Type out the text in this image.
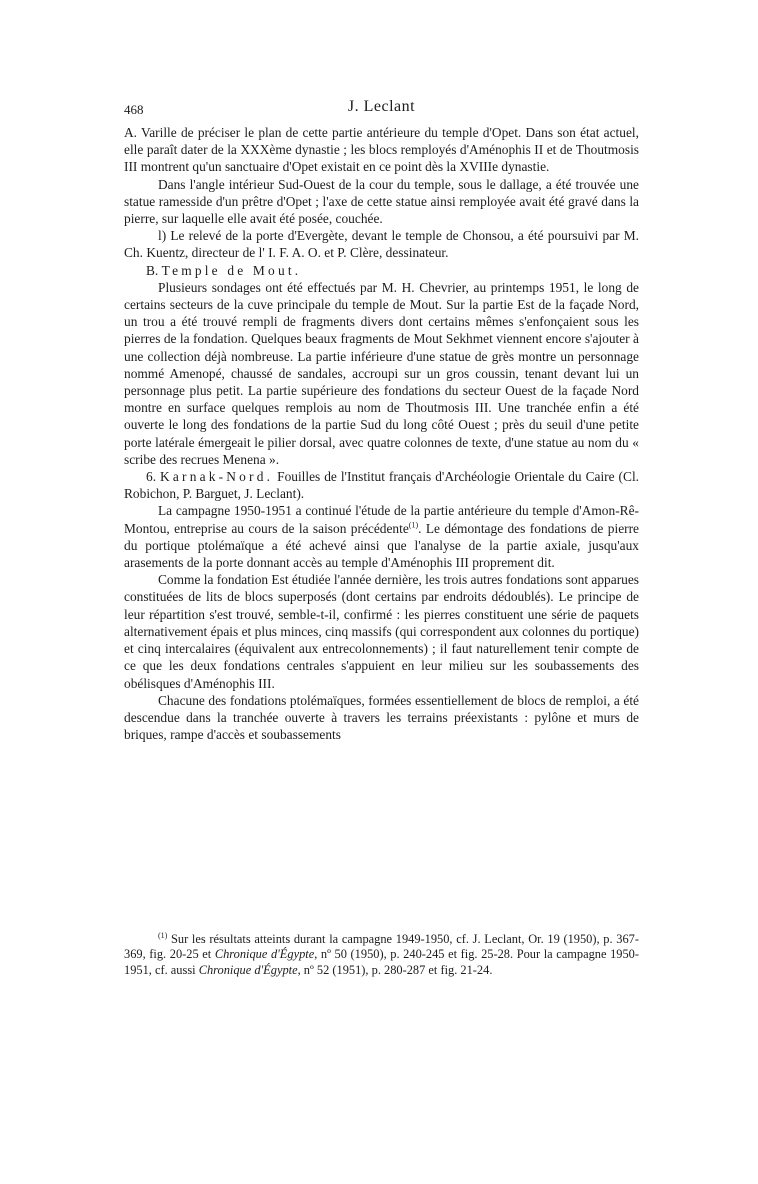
468	J. Leclant

A. Varille de préciser le plan de cette partie antérieure du temple d'Opet. Dans son état actuel, elle paraît dater de la XXXème dynastie ; les blocs remployés d'Aménophis II et de Thoutmosis III montrent qu'un sanctuaire d'Opet existait en ce point dès la XVIIIe dynastie.

Dans l'angle intérieur Sud-Ouest de la cour du temple, sous le dallage, a été trouvée une statue ramesside d'un prêtre d'Opet ; l'axe de cette statue ainsi remployée avait été gravé dans la pierre, sur laquelle elle avait été posée, couchée.

l) Le relevé de la porte d'Evergète, devant le temple de Chonsou, a été poursuivi par M. Ch. Kuentz, directeur de l' I. F. A. O. et P. Clère, dessinateur.

B. Temple de Mout.

Plusieurs sondages ont été effectués par M. H. Chevrier, au printemps 1951, le long de certains secteurs de la cuve principale du temple de Mout. Sur la partie Est de la façade Nord, un trou a été trouvé rempli de fragments divers dont certains mêmes s'enfonçaient sous les pierres de la fondation. Quelques beaux fragments de Mout Sekhmet viennent encore s'ajouter à une collection déjà nombreuse. La partie inférieure d'une statue de grès montre un personnage nommé Amenopé, chaussé de sandales, accroupi sur un gros coussin, tenant devant lui un personnage plus petit. La partie supérieure des fondations du secteur Ouest de la façade Nord montre en surface quelques remplois au nom de Thoutmosis III. Une tranchée enfin a été ouverte le long des fondations de la partie Sud du long côté Ouest ; près du seuil d'une petite porte latérale émergeait le pilier dorsal, avec quatre colonnes de texte, d'une statue au nom du « scribe des recrues Menena ».

6. Karnak-Nord. Fouilles de l'Institut français d'Archéologie Orientale du Caire (Cl. Robichon, P. Barguet, J. Leclant).

La campagne 1950-1951 a continué l'étude de la partie antérieure du temple d'Amon-Rê-Montou, entreprise au cours de la saison précédente$^{(1)}$. Le démontage des fondations de pierre du portique ptolémaïque a été achevé ainsi que l'analyse de la partie axiale, jusqu'aux arasements de la porte donnant accès au temple d'Aménophis III proprement dit.

Comme la fondation Est étudiée l'année dernière, les trois autres fondations sont apparues constituées de lits de blocs superposés (dont certains par endroits dédoublés). Le principe de leur répartition s'est trouvé, semble-t-il, confirmé : les pierres constituent une série de paquets alternativement épais et plus minces, cinq massifs (qui correspondent aux colonnes du portique) et cinq intercalaires (équivalent aux entrecolonnements) ; il faut naturellement tenir compte de ce que les deux fondations centrales s'appuient en leur milieu sur les soubassements des obélisques d'Aménophis III.

Chacune des fondations ptolémaïques, formées essentiellement de blocs de remploi, a été descendue dans la tranchée ouverte à travers les terrains préexistants : pylône et murs de briques, rampe d'accès et soubassements

$^{(1)}$ Sur les résultats atteints durant la campagne 1949-1950, cf. J. Leclant, Or. 19 (1950), p. 367-369, fig. 20-25 et Chronique d'Égypte, nº 50 (1950), p. 240-245 et fig. 25-28. Pour la campagne 1950-1951, cf. aussi Chronique d'Égypte, nº 52 (1951), p. 280-287 et fig. 21-24.
